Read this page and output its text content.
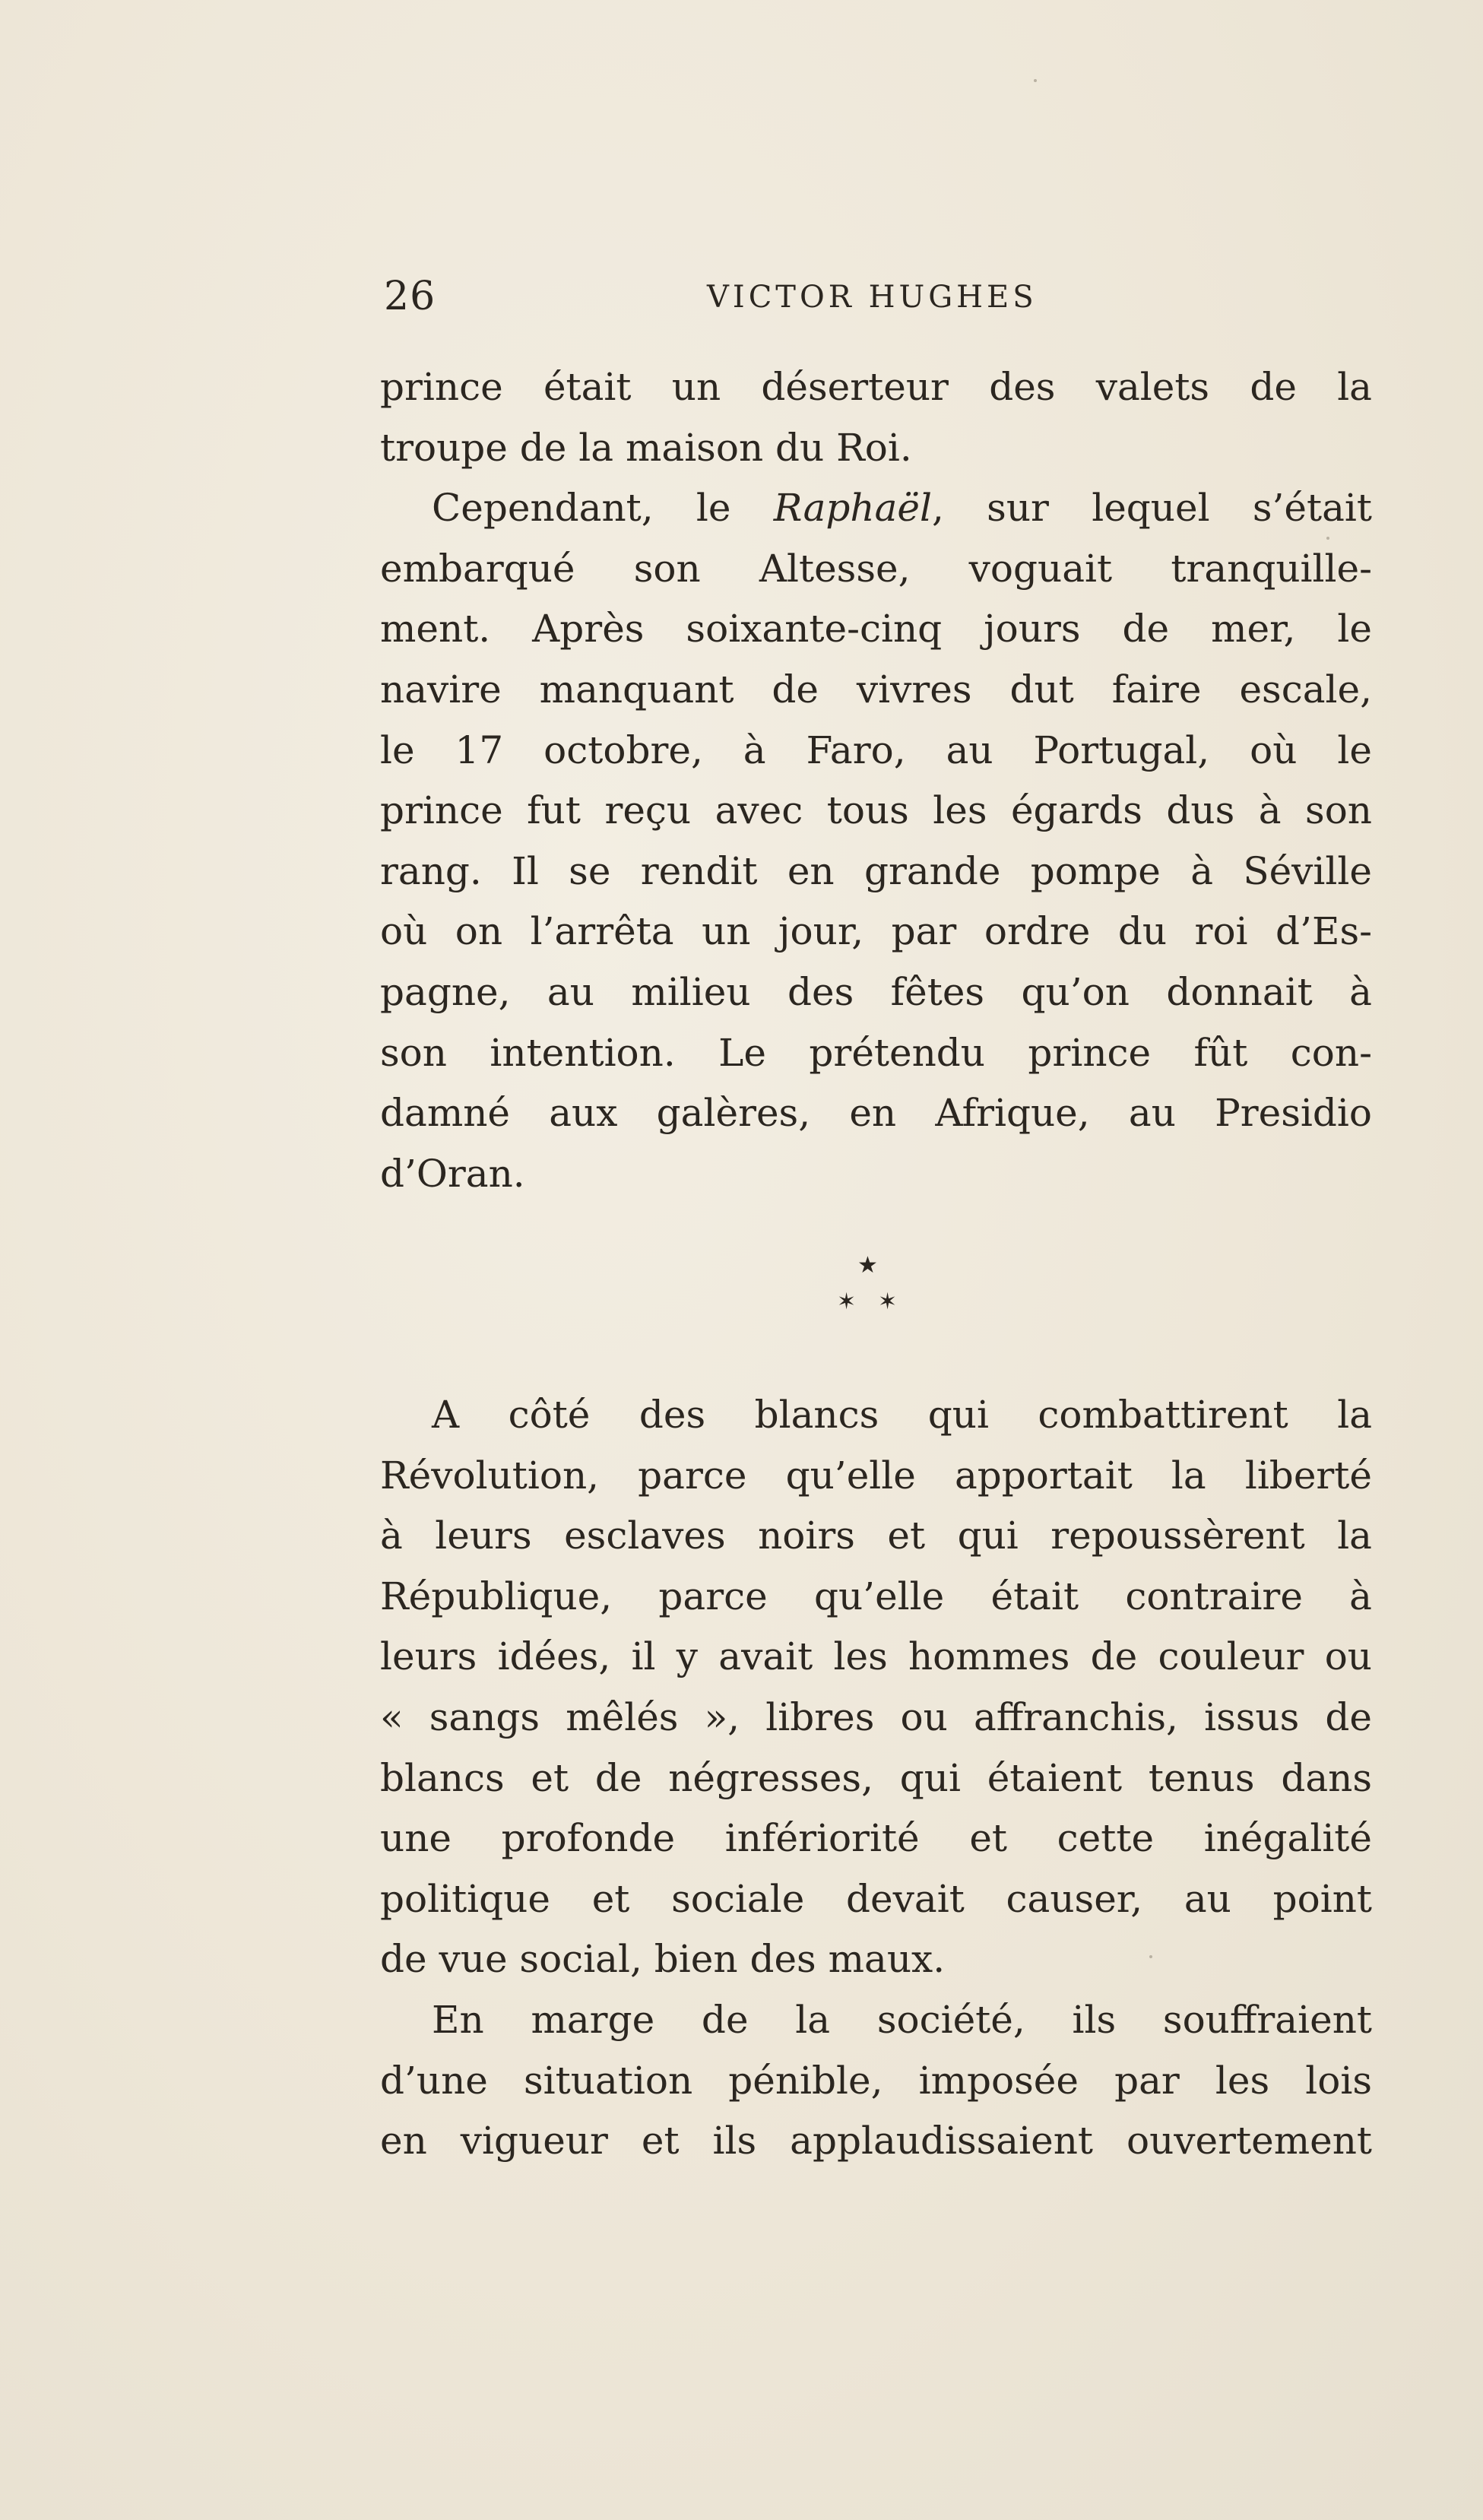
26	VICTOR HUGHES

prince était un déserteur des valets de la

troupe de la maison du Roi.

Cependant, le Raphaël, sur lequel s’était

embarqué son Altesse, voguait tranquille-

ment. Après soixante-cinq jours de mer, le

navire manquant de vivres dut faire escale,

le 17 octobre, à Faro, au Portugal, où le

prince fut reçu avec tous les égards dus à son

rang. Il se rendit en grande pompe à Séville

où on l’arrêta un jour, par ordre du roi d’Es-

pagne, au milieu des fêtes qu’on donnait à

son intention. Le prétendu prince fût con-

damné aux galères, en Afrique, au Presidio

d’Oran.

★
✶ ✶

A côté des blancs qui combattirent la

Révolution, parce qu’elle apportait la liberté

à leurs esclaves noirs et qui repoussèrent la

République, parce qu’elle était contraire à

leurs idées, il y avait les hommes de couleur ou

« sangs mêlés », libres ou affranchis, issus de

blancs et de négresses, qui étaient tenus dans

une profonde infériorité et cette inégalité

politique et sociale devait causer, au point

de vue social, bien des maux.

En marge de la société, ils souffraient

d’une situation pénible, imposée par les lois

en vigueur et ils applaudissaient ouvertement
